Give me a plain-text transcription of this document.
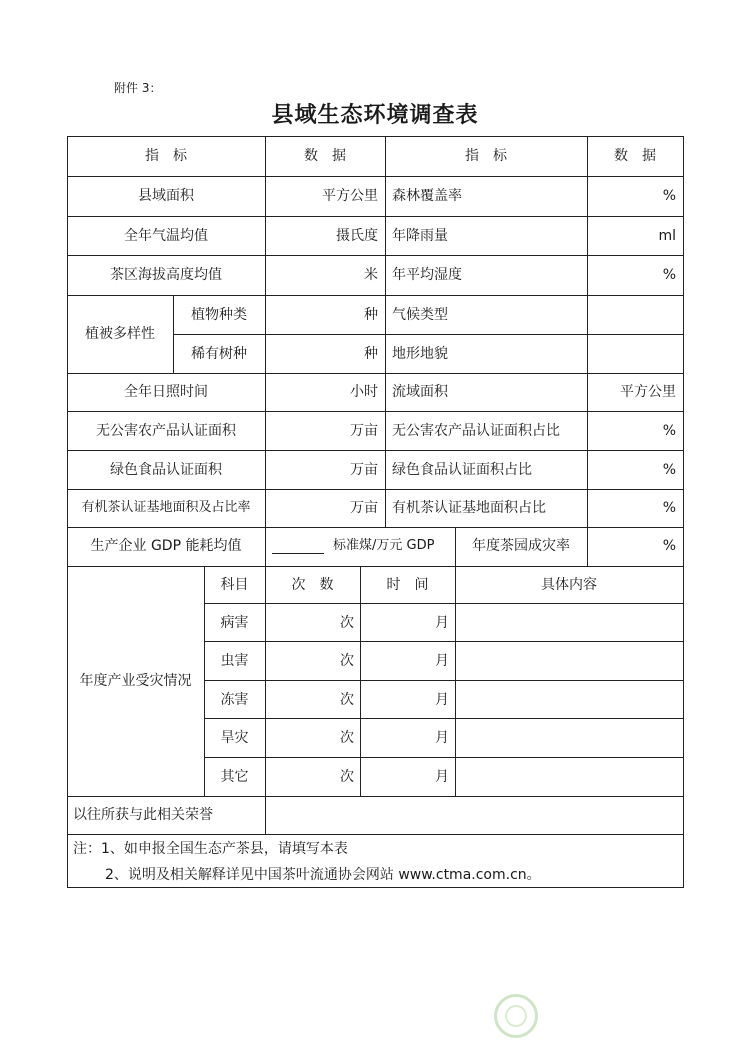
附件 3：
县域生态环境调查表
指　标	数　据	指　标	数　据
县域面积	平方公里 森林覆盖率	%
全年气温均值	摄氏度 年降雨量	ml
茶区海拔高度均值	米 年平均湿度	%
植被多样性
植物种类	种 气候类型
稀有树种	种 地形地貌
全年日照时间	小时 流域面积	平方公里
无公害农产品认证面积	万亩 无公害农产品认证面积占比	%
绿色食品认证面积	万亩 绿色食品认证面积占比	%
有机茶认证基地面积及占比率	万亩 有机茶认证基地面积占比	%
生产企业 GDP 能耗均值	标准煤/万元 GDP	年度茶园成灾率	%
年度产业受灾情况
科目	次　数	时　间	具体内容
病害	次	月
虫害	次	月
冻害	次	月
旱灾	次	月
其它	次	月
以往所获与此相关荣誉
注：1、如申报全国生态产茶县，请填写本表
2、说明及相关解释详见中国茶叶流通协会网站 www.ctma.com.cn。
